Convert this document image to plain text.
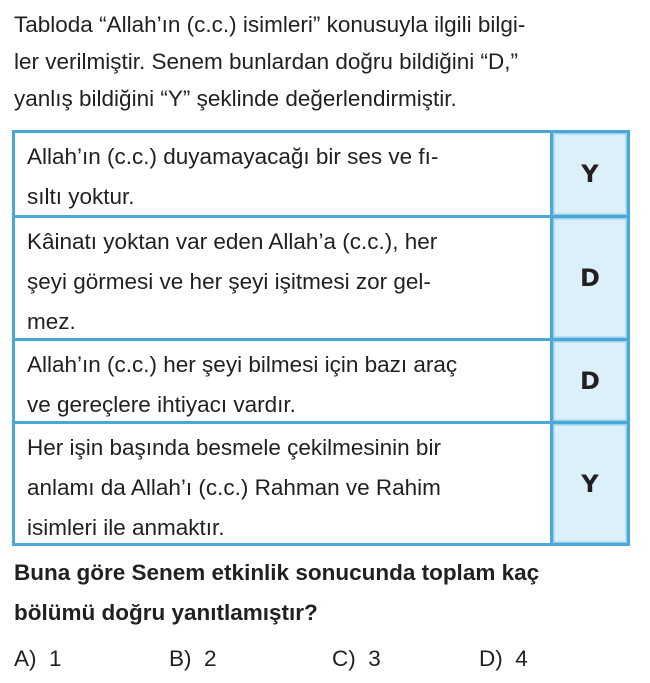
Tabloda “Allah’ın (c.c.) isimleri” konusuyla ilgili bilgi-
ler verilmiştir. Senem bunlardan doğru bildiğini “D,”
yanlış bildiğini “Y” şeklinde değerlendirmiştir.
Allah’ın (c.c.) duyamayacağı bir ses ve fı-
sıltı yoktur.
Y
Kâinatı yoktan var eden Allah’a (c.c.), her
şeyi görmesi ve her şeyi işitmesi zor gel-
mez.
D
Allah’ın (c.c.) her şeyi bilmesi için bazı araç
ve gereçlere ihtiyacı vardır.
D
Her işin başında besmele çekilmesinin bir
anlamı da Allah’ı (c.c.) Rahman ve Rahim
isimleri ile anmaktır.
Y
Buna göre Senem etkinlik sonucunda toplam kaç
bölümü doğru yanıtlamıştır?
A) 1	B) 2	C) 3	D) 4
